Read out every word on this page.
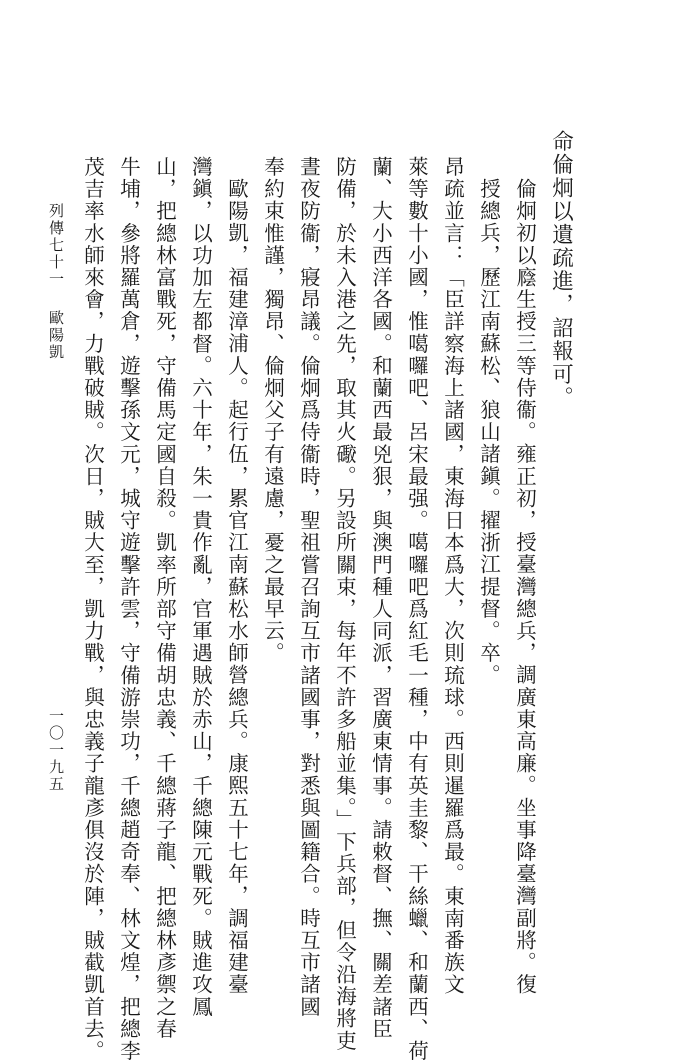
命倫炯以遺疏進，詔報可。
倫炯初以廕生授三等侍衞。雍正初，授臺灣總兵，調廣東高廉。坐事降臺灣副將。復
授總兵，歷江南蘇松、狼山諸鎭。擢浙江提督。卒。
昂疏並言：「臣詳察海上諸國，東海日本爲大，次則琉球。西則暹羅爲最。東南番族文
萊等數十小國，惟噶囉吧、呂宋最强。噶囉吧爲紅毛一種，中有英圭黎、干絲蠟、和蘭西、荷
蘭、大小西洋各國。和蘭西最兇狠，與澳門種人同派，習廣東情事。請敕督、撫、關差諸臣
防備，於未入港之先，取其火礮。另設所關束，每年不許多船並集。」下兵部，但令沿海將吏
晝夜防衞，寢昂議。倫炯爲侍衞時，聖祖嘗召詢互市諸國事，對悉與圖籍合。時互市諸國
奉約束惟謹，獨昂、倫炯父子有遠慮，憂之最早云。
歐陽凱，福建漳浦人。起行伍，累官江南蘇松水師營總兵。康熙五十七年，調福建臺
灣鎭，以功加左都督。六十年，朱一貴作亂，官軍遇賊於赤山，千總陳元戰死。賊進攻鳳
山，把總林富戰死，守備馬定國自殺。凱率所部守備胡忠義、千總蔣子龍、把總林彥禦之春
牛埔，參將羅萬倉，遊擊孫文元，城守遊擊許雲，守備游崇功，千總趙奇奉、林文煌，把總李
茂吉率水師來會，力戰破賊。次日，賊大至，凱力戰，與忠義子龍彥俱沒於陣，賊截凱首去。
列傳七十一
歐陽凱
一〇一九五
